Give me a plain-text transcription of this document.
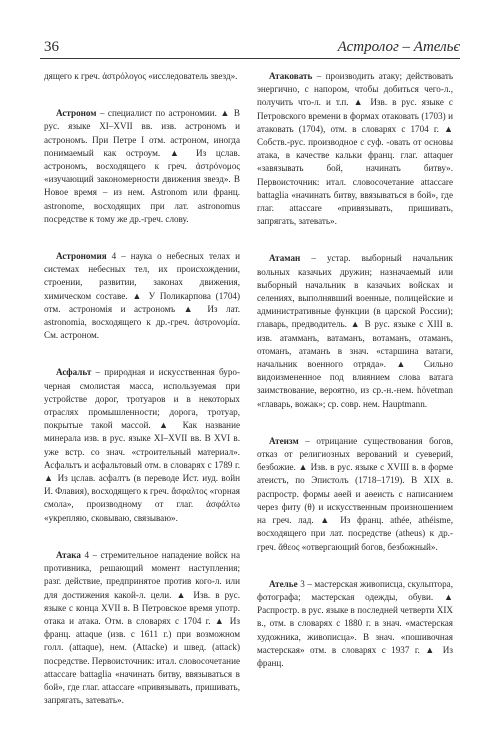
36	Астролог – Ательє

дящего к греч. ἀστρόλογος «исследователь звезд».

Астроном – специалист по астрономии. ▲ В рус. языке XI–XVII вв. изв. астрономъ и астрономъ. При Петре I отм. астроном, иногда понимаемый как остроум. ▲ Из цслав. астрономъ, восходящего к греч. ἀστρόνομος «изучающий закономерности движения звезд». В Новое время – из нем. Astronom или франц. astronome, восходящих при лат. astronomus посредстве к тому же др.-греч. слову.

Астрономия 4 – наука о небесных телах и системах небесных тел, их происхождении, строении, развитии, законах движения, химическом составе. ▲ У Поликарпова (1704) отм. астрономія и астрономъ ▲ Из лат. astronomia, восходящего к др.-греч. ἀστρονομία. См. астроном.

Асфальт – природная и искусственная буро-черная смолистая масса, используемая при устройстве дорог, тротуаров и в некоторых отраслях промышленности; дорога, тротуар, покрытые такой массой. ▲ Как название минерала изв. в рус. языке XI–XVII вв. В XVI в. уже встр. со знач. «строительный материал». Асфальтъ и асфальтовый отм. в словарях с 1789 г. ▲ Из цслав. асфалтъ (в переводе Ист. иуд. войн И. Флавия), восходящего к греч. ἄσφαλτος «горная смола», производному от глаг. ἀσφάλτω «укрепляю, сковываю, связываю».

Атака 4 – стремительное нападение войск на противника, решающий момент наступления; разг. действие, предпринятое против кого-л. или для достижения какой-л. цели. ▲ Изв. в рус. языке с конца XVII в. В Петровское время употр. отака и атака. Отм. в словарях с 1704 г. ▲ Из франц. attaque (изв. с 1611 г.) при возможном голл. (attaque), нем. (Attacke) и швед. (attack) посредстве. Первоисточник: итал. словосочетание attaccare battaglia «начинать битву, ввязываться в бой», где глаг. attaccare «привязывать, пришивать, запрягать, затевать».

Атаковать – производить атаку; действовать энергично, с напором, чтобы добиться чего-л., получить что-л. и т.п. ▲ Изв. в рус. языке с Петровского времени в формах отаковать (1703) и атаковать (1704), отм. в словарях с 1704 г. ▲ Собств.-рус. производное с суф. -овать от основы атака, в качестве кальки франц. глаг. attaquer «завязывать бой, начинать битву». Первоисточник: итал. словосочетание attaccare battaglia «начинать битву, ввязываться в бой», где глаг. attaccare «привязывать, пришивать, запрягать, затевать».

Атаман – устар. выборный начальник вольных казачьих дружин; назначаемый или выборный начальник в казачьих войсках и селениях, выполнявший военные, полицейские и административные функции (в царской России); главарь, предводитель. ▲ В рус. языке с XIII в. изв. атамманъ, ватаманъ, вотаманъ, отаманъ, отоманъ, атаманъ в знач. «старшина ватаги, начальник военного отряда». ▲ Сильно видоизмененное под влиянием слова ватага заимствование, вероятно, из ср.-н.-нем. hövetman «главарь, вожак»; ср. совр. нем. Hauptmann.

Атеизм – отрицание существования богов, отказ от религиозных верований и суеверий, безбожие. ▲ Изв. в рус. языке с XVIII в. в форме атеистъ, по Эпистолъ (1718–1719). В XIX в. распростр. формы аѳей и аѳеисть с написанием через фиту (θ) и искусственным произношением на греч. лад. ▲ Из франц. athée, athéisme, восходящего при лат. посредстве (atheus) к др.-греч. ἄθεος «отвергающий богов, безбожный».

Ателье 3 – мастерская живописца, скульптора, фотографа; мастерская одежды, обуви. ▲ Распростр. в рус. языке в последней четверти XIX в., отм. в словарях с 1880 г. в знач. «мастерская художника, живописца». В знач. «пошивочная мастерская» отм. в словарях с 1937 г. ▲ Из франц.
